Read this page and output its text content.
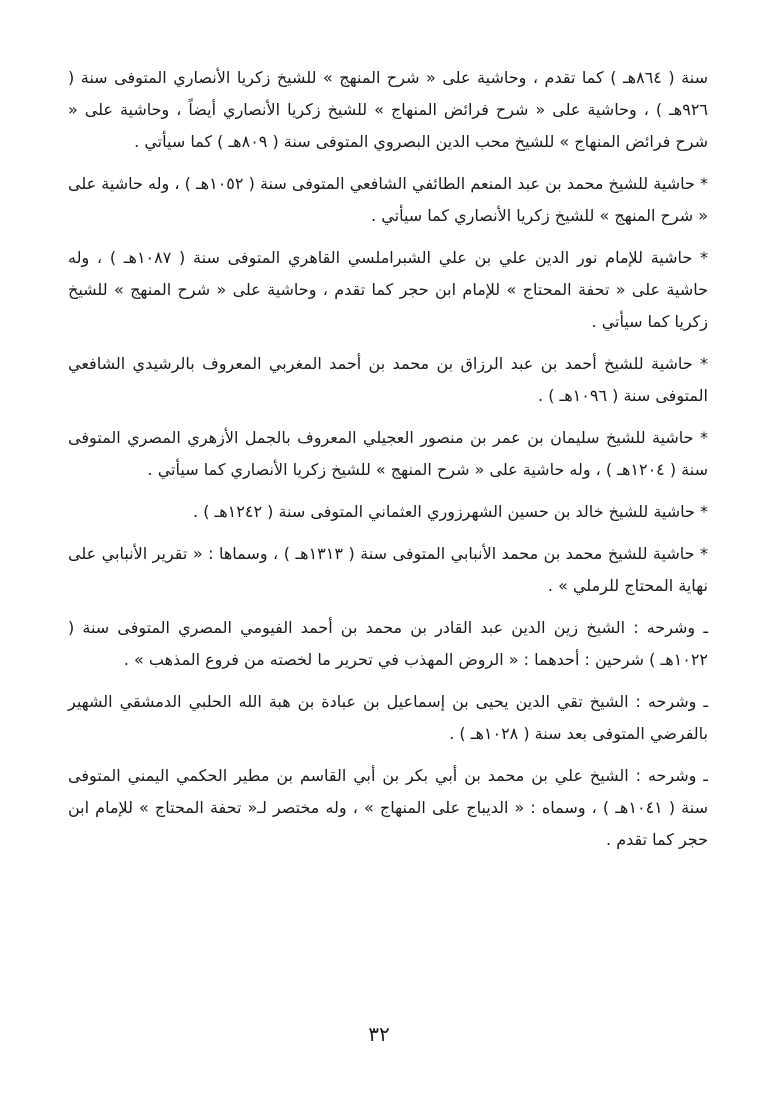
سنة ( ٨٦٤هـ ) كما تقدم ، وحاشية على « شرح المنهج » للشيخ زكريا الأنصاري المتوفى سنة ( ٩٢٦هـ ) ، وحاشية على « شرح فرائض المنهاج » للشيخ زكريا الأنصاري أيضاً ، وحاشية على « شرح فرائض المنهاج » للشيخ محب الدين البصروي المتوفى سنة ( ٨٠٩هـ ) كما سيأتي .

* حاشية للشيخ محمد بن عبد المنعم الطائفي الشافعي المتوفى سنة ( ١٠٥٢هـ ) ، وله حاشية على « شرح المنهج » للشيخ زكريا الأنصاري كما سيأتي .

* حاشية للإمام نور الدين علي بن علي الشبراملسي القاهري المتوفى سنة ( ١٠٨٧هـ ) ، وله حاشية على « تحفة المحتاج » للإمام ابن حجر كما تقدم ، وحاشية على « شرح المنهج » للشيخ زكريا كما سيأتي .

* حاشية للشيخ أحمد بن عبد الرزاق بن محمد بن أحمد المغربي المعروف بالرشيدي الشافعي المتوفى سنة ( ١٠٩٦هـ ) .

* حاشية للشيخ سليمان بن عمر بن منصور العجيلي المعروف بالجمل الأزهري المصري المتوفى سنة ( ١٢٠٤هـ ) ، وله حاشية على « شرح المنهج » للشيخ زكريا الأنصاري كما سيأتي .

* حاشية للشيخ خالد بن حسين الشهرزوري العثماني المتوفى سنة ( ١٢٤٢هـ ) .

* حاشية للشيخ محمد بن محمد الأنبابي المتوفى سنة ( ١٣١٣هـ ) ، وسماها : « تقرير الأنبابي على نهاية المحتاج للرملي » .

ـ وشرحه : الشيخ زين الدين عبد القادر بن محمد بن أحمد الفيومي المصري المتوفى سنة ( ١٠٢٢هـ ) شرحين : أحدهما : « الروض المهذب في تحرير ما لخصته من فروع المذهب » .

ـ وشرحه : الشيخ تقي الدين يحيى بن إسماعيل بن عبادة بن هبة الله الحلبي الدمشقي الشهير بالفرضي المتوفى بعد سنة ( ١٠٢٨هـ ) .

ـ وشرحه : الشيخ علي بن محمد بن أبي بكر بن أبي القاسم بن مطير الحكمي اليمني المتوفى سنة ( ١٠٤١هـ ) ، وسماه : « الديباج على المنهاج » ، وله مختصر لـ« تحفة المحتاج » للإمام ابن حجر كما تقدم .

٣٢
